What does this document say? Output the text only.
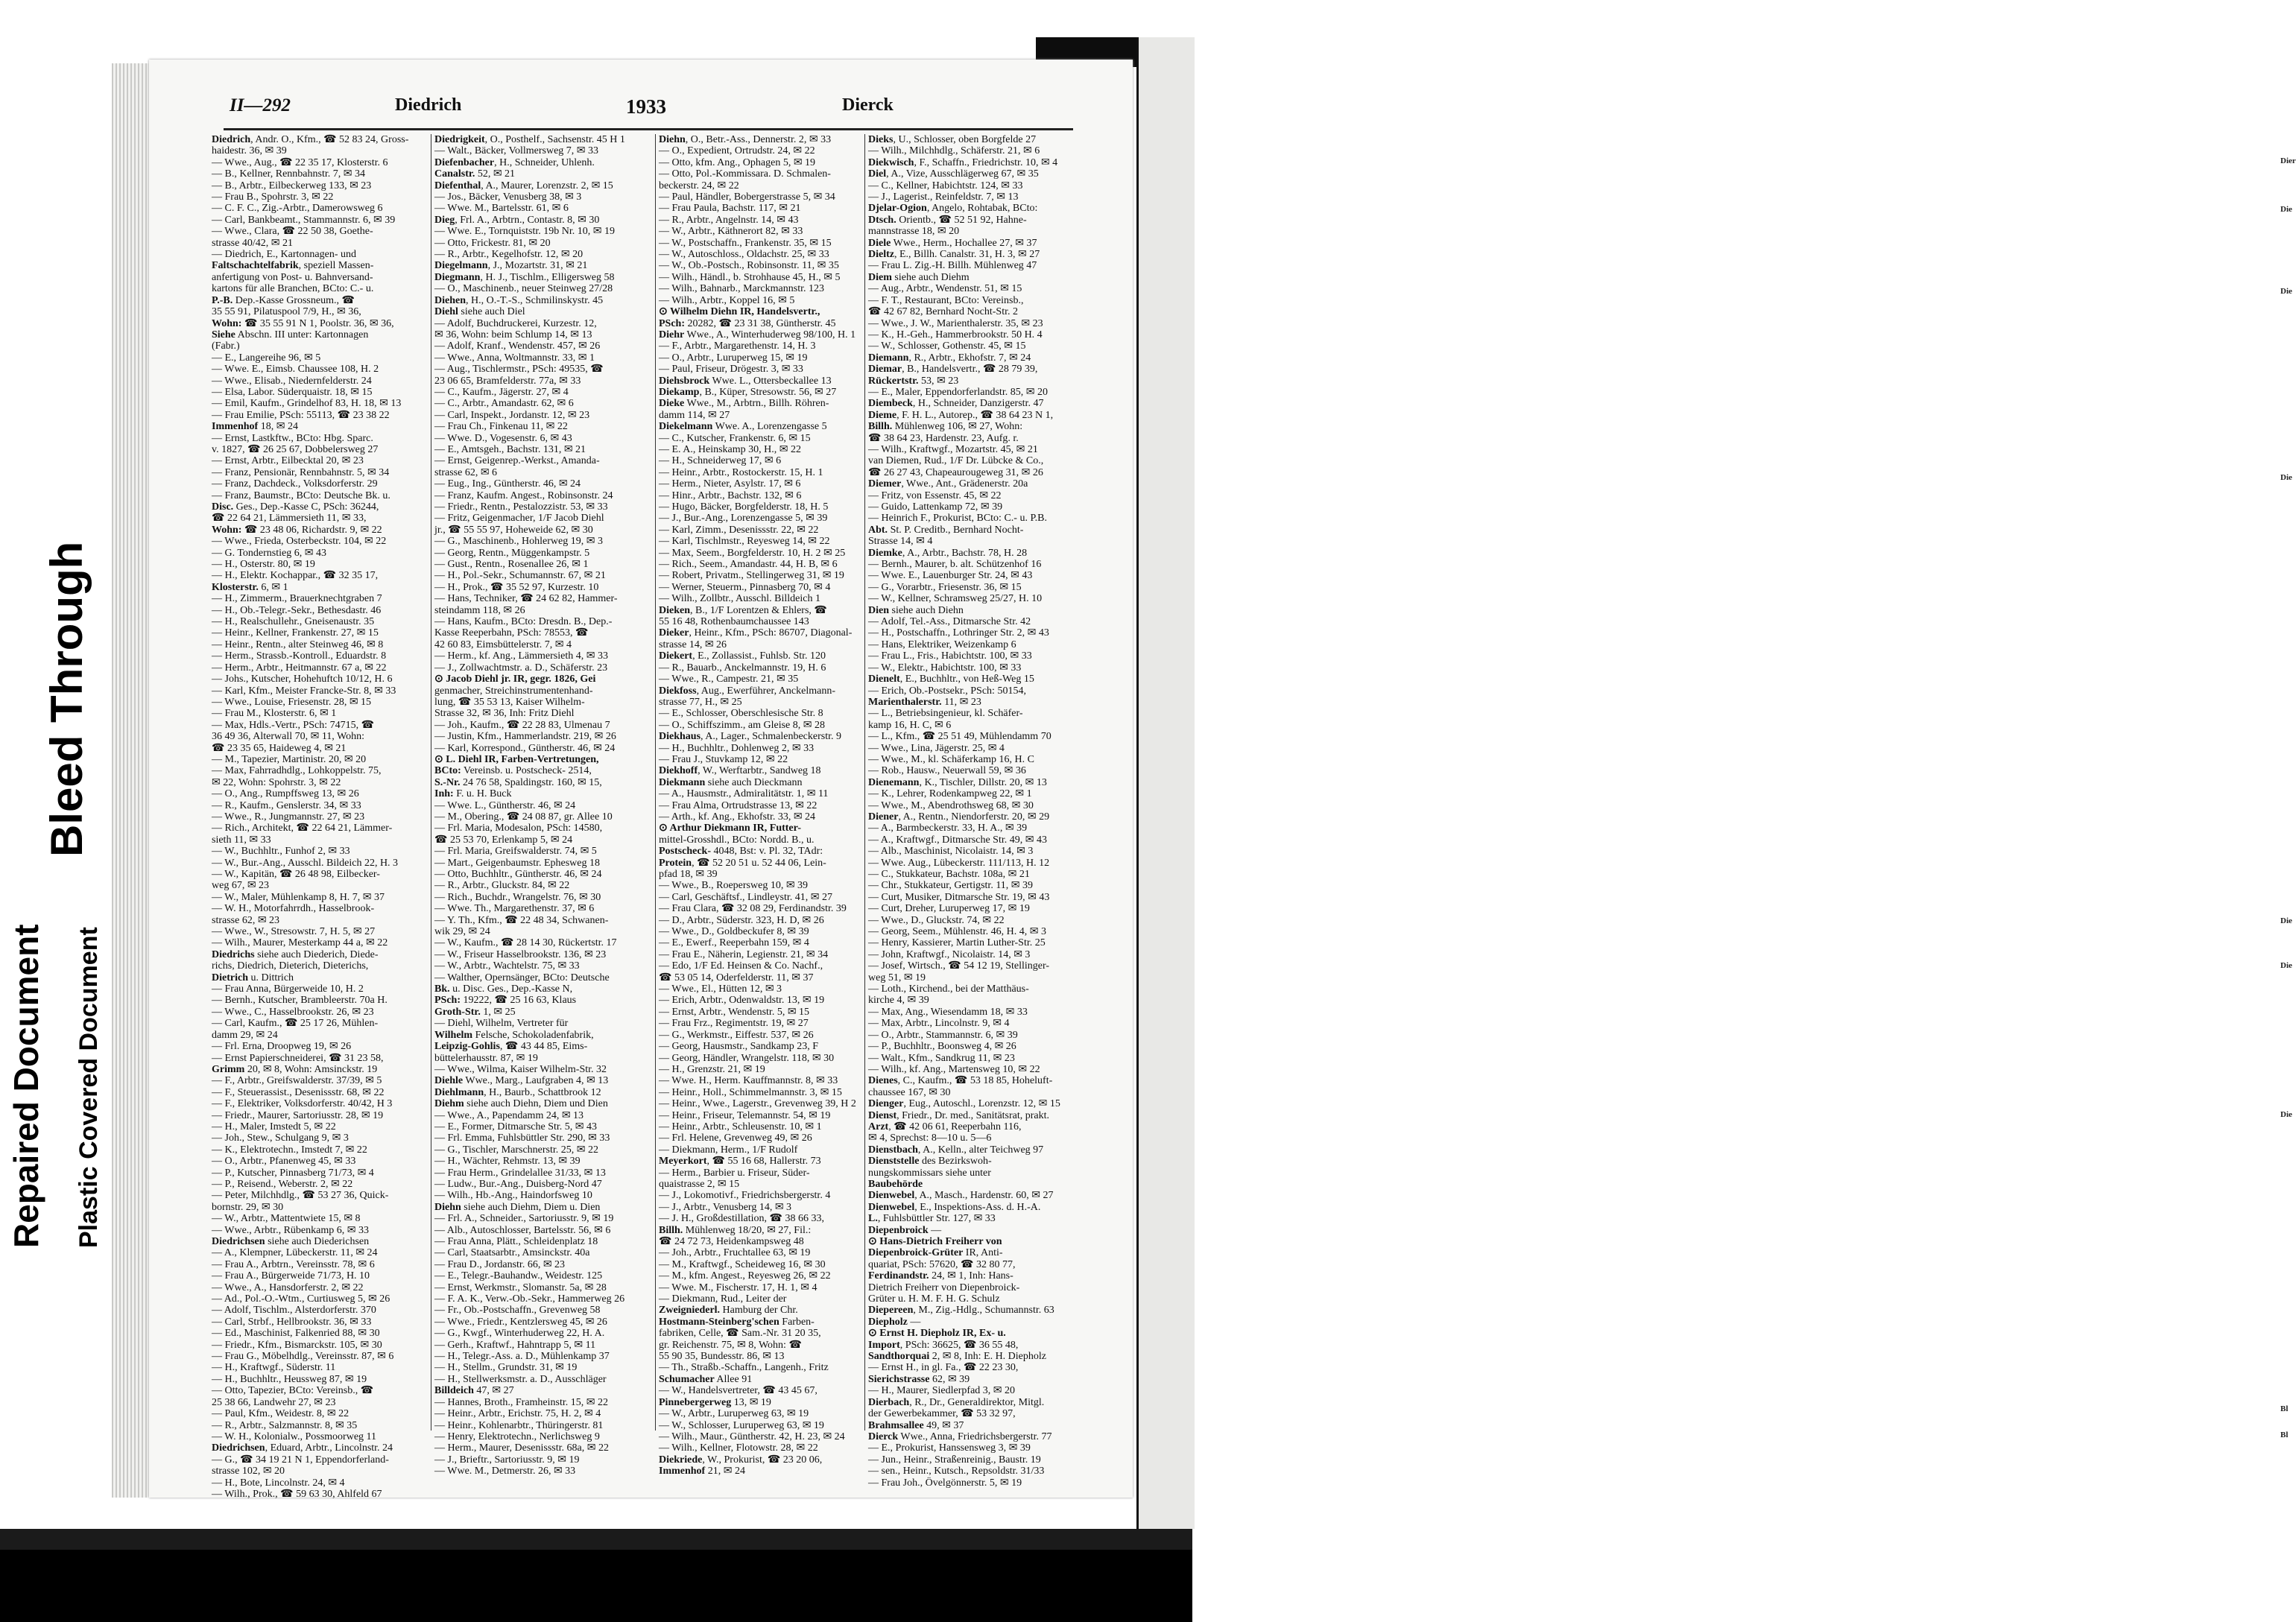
Repaired Document
Bleed Through
Plastic Covered Document
Dier
Die
Die
Die
Die
Die
Die
Bl
Bl
II—292	Diedrich	1933	Dierck
Diedrich, Andr. O., Kfm., ☎ 52 83 24, Gross-
haidestr. 36, ✉ 39
— Wwe., Aug., ☎ 22 35 17, Klosterstr. 6
— B., Kellner, Rennbahnstr. 7, ✉ 34
— B., Arbtr., Eilbeckerweg 133, ✉ 23
— Frau B., Spohrstr. 3, ✉ 22
— C. F. C., Zig.-Arbtr., Damerowsweg 6
— Carl, Bankbeamt., Stammannstr. 6, ✉ 39
— Wwe., Clara, ☎ 22 50 38, Goethe-
strasse 40/42, ✉ 21
— Diedrich, E., Kartonnagen- und
Faltschachtelfabrik, speziell Massen-
anfertigung von Post- u. Bahnversand-
kartons für alle Branchen, BCto: C.- u.
P.-B. Dep.-Kasse Grossneum., ☎
35 55 91, Pilatuspool 7/9, H., ✉ 36,
Wohn: ☎ 35 55 91 N 1, Poolstr. 36, ✉ 36,
Siehe Abschn. III unter: Kartonnagen
(Fabr.)
— E., Langereihe 96, ✉ 5
— Wwe. E., Eimsb. Chaussee 108, H. 2
— Wwe., Elisab., Niedernfelderstr. 24
— Elsa, Labor. Süderquaistr. 18, ✉ 15
— Emil, Kaufm., Grindelhof 83, H. 18, ✉ 13
— Frau Emilie, PSch: 55113, ☎ 23 38 22
Immenhof 18, ✉ 24
— Ernst, Lastkftw., BCto: Hbg. Sparc.
v. 1827, ☎ 26 25 67, Dobbelersweg 27
— Ernst, Arbtr., Eilbecktal 20, ✉ 23
— Franz, Pensionär, Rennbahnstr. 5, ✉ 34
— Franz, Dachdeck., Volksdorferstr. 29
— Franz, Baumstr., BCto: Deutsche Bk. u.
Disc. Ges., Dep.-Kasse C, PSch: 36244,
☎ 22 64 21, Lämmersieth 11, ✉ 33,
Wohn: ☎ 23 48 06, Richardstr. 9, ✉ 22
— Wwe., Frieda, Osterbeckstr. 104, ✉ 22
— G. Tondernstieg 6, ✉ 43
— H., Osterstr. 80, ✉ 19
— H., Elektr. Kochappar., ☎ 32 35 17,
Klosterstr. 6, ✉ 1
— H., Zimmerm., Brauerknechtgraben 7
— H., Ob.-Telegr.-Sekr., Bethesdastr. 46
— H., Realschullehr., Gneisenaustr. 35
— Heinr., Kellner, Frankenstr. 27, ✉ 15
— Heinr., Rentn., alter Steinweg 46, ✉ 8
— Herm., Strassb.-Kontroll., Eduardstr. 8
— Herm., Arbtr., Heitmannstr. 67 a, ✉ 22
— Johs., Kutscher, Hohehuftch 10/12, H. 6
— Karl, Kfm., Meister Francke-Str. 8, ✉ 33
— Wwe., Louise, Friesenstr. 28, ✉ 15
— Frau M., Klosterstr. 6, ✉ 1
— Max, Hdls.-Vertr., PSch: 74715, ☎
36 49 36, Alterwall 70, ✉ 11, Wohn:
☎ 23 35 65, Haideweg 4, ✉ 21
— M., Tapezier, Martinistr. 20, ✉ 20
— Max, Fahrradhdlg., Lohkoppelstr. 75,
✉ 22, Wohn: Spohrstr. 3, ✉ 22
— O., Ang., Rumpffsweg 13, ✉ 26
— R., Kaufm., Genslerstr. 34, ✉ 33
— Wwe., R., Jungmannstr. 27, ✉ 23
— Rich., Architekt, ☎ 22 64 21, Lämmer-
sieth 11, ✉ 33
— W., Buchhltr., Funhof 2, ✉ 33
— W., Bur.-Ang., Ausschl. Bildeich 22, H. 3
— W., Kapitän, ☎ 26 48 98, Eilbecker-
weg 67, ✉ 23
— W., Maler, Mühlenkamp 8, H. 7, ✉ 37
— W. H., Motorfahrrdh., Hasselbrook-
strasse 62, ✉ 23
— Wwe., W., Stresowstr. 7, H. 5, ✉ 27
— Wilh., Maurer, Mesterkamp 44 a, ✉ 22
Diedrichs siehe auch Diederich, Diede-
richs, Diedrich, Dieterich, Dieterichs,
Dietrich u. Dittrich
— Frau Anna, Bürgerweide 10, H. 2
— Bernh., Kutscher, Brambleerstr. 70a H.
— Wwe., C., Hasselbrookstr. 26, ✉ 23
— Carl, Kaufm., ☎ 25 17 26, Mühlen-
damm 29, ✉ 24
— Frl. Erna, Droopweg 19, ✉ 26
— Ernst Papierschneiderei, ☎ 31 23 58,
Grimm 20, ✉ 8, Wohn: Amsinckstr. 19
— F., Arbtr., Greifswalderstr. 37/39, ✉ 5
— F., Steuerassist., Desenissstr. 68, ✉ 22
— F., Elektriker, Volksdorferstr. 40/42, H 3
— Friedr., Maurer, Sartoriusstr. 28, ✉ 19
— H., Maler, Imstedt 5, ✉ 22
— Joh., Stew., Schulgang 9, ✉ 3
— K., Elektrotechn., Imstedt 7, ✉ 22
— O., Arbtr., Pfanenweg 45, ✉ 33
— P., Kutscher, Pinnasberg 71/73, ✉ 4
— P., Reisend., Weberstr. 2, ✉ 22
— Peter, Milchhdlg., ☎ 53 27 36, Quick-
bornstr. 29, ✉ 30
— W., Arbtr., Mattentwiete 15, ✉ 8
— Wwe., Arbtr., Rübenkamp 6, ✉ 33
Diedrichsen siehe auch Diederichsen
— A., Klempner, Lübeckerstr. 11, ✉ 24
— Frau A., Arbtrn., Vereinsstr. 78, ✉ 6
— Frau A., Bürgerweide 71/73, H. 10
— Wwe., A., Hansdorferstr. 2, ✉ 22
— Ad., Pol.-O.-Wtm., Curtiusweg 5, ✉ 26
— Adolf, Tischlm., Alsterdorferstr. 370
— Carl, Strbf., Hellbrookstr. 36, ✉ 33
— Ed., Maschinist, Falkenried 88, ✉ 30
— Friedr., Kfm., Bismarckstr. 105, ✉ 30
— Frau G., Möbelhdlg., Vereinsstr. 87, ✉ 6
— H., Kraftwgf., Süderstr. 11
— H., Buchhltr., Heussweg 87, ✉ 19
— Otto, Tapezier, BCto: Vereinsb., ☎
25 38 66, Landwehr 27, ✉ 23
— Paul, Kfm., Weidestr. 8, ✉ 22
— R., Arbtr., Salzmannstr. 8, ✉ 35
— W. H., Kolonialw., Possmoorweg 11
Diedrichsen, Eduard, Arbtr., Lincolnstr. 24
— G., ☎ 34 19 21 N 1, Eppendorferland-
strasse 102, ✉ 20
— H., Bote, Lincolnstr. 24, ✉ 4
— Wilh., Prok., ☎ 59 63 30, Ahlfeld 67
Diedrigkeit, O., Posthelf., Sachsenstr. 45 H 1
— Walt., Bäcker, Vollmersweg 7, ✉ 33
Diefenbacher, H., Schneider, Uhlenh.
Canalstr. 52, ✉ 21
Diefenthal, A., Maurer, Lorenzstr. 2, ✉ 15
— Jos., Bäcker, Venusberg 38, ✉ 3
— Wwe. M., Bartelsstr. 61, ✉ 6
Dieg, Frl. A., Arbtrn., Contastr. 8, ✉ 30
— Wwe. E., Tornquiststr. 19b Nr. 10, ✉ 19
— Otto, Frickestr. 81, ✉ 20
— R., Arbtr., Kegelhofstr. 12, ✉ 20
Diegelmann, J., Mozartstr. 31, ✉ 21
Diegmann, H. J., Tischlm., Elligersweg 58
— O., Maschinenb., neuer Steinweg 27/28
Diehen, H., O.-T.-S., Schmilinskystr. 45
Diehl siehe auch Diel
— Adolf, Buchdruckerei, Kurzestr. 12,
✉ 36, Wohn: beim Schlump 14, ✉ 13
— Adolf, Kranf., Wendenstr. 457, ✉ 26
— Wwe., Anna, Woltmannstr. 33, ✉ 1
— Aug., Tischlermstr., PSch: 49535, ☎
23 06 65, Bramfelderstr. 77a, ✉ 33
— C., Kaufm., Jägerstr. 27, ✉ 4
— C., Arbtr., Amandastr. 62, ✉ 6
— Carl, Inspekt., Jordanstr. 12, ✉ 23
— Frau Ch., Finkenau 11, ✉ 22
— Wwe. D., Vogesenstr. 6, ✉ 43
— E., Amtsgeh., Bachstr. 131, ✉ 21
— Ernst, Geigenrep.-Werkst., Amanda-
strasse 62, ✉ 6
— Eug., Ing., Güntherstr. 46, ✉ 24
— Franz, Kaufm. Angest., Robinsonstr. 24
— Friedr., Rentn., Pestalozzistr. 53, ✉ 33
— Fritz, Geigenmacher, 1/F Jacob Diehl
jr., ☎ 55 55 97, Hoheweide 62, ✉ 30
— G., Maschinenb., Hohlerweg 19, ✉ 3
— Georg, Rentn., Müggenkampstr. 5
— Gust., Rentn., Rosenallee 26, ✉ 1
— H., Pol.-Sekr., Schumannstr. 67, ✉ 21
— H., Prok., ☎ 35 52 97, Kurzestr. 10
— Hans, Techniker, ☎ 24 62 82, Hammer-
steindamm 118, ✉ 26
— Hans, Kaufm., BCto: Dresdn. B., Dep.-
Kasse Reeperbahn, PSch: 78553, ☎
42 60 83, Eimsbüttelerstr. 7, ✉ 4
— Herm., kf. Ang., Lämmersieth 4, ✉ 33
— J., Zollwachtmstr. a. D., Schäferstr. 23
⊙ Jacob Diehl jr. IR, gegr. 1826, Gei
genmacher, Streichinstrumentenhand-
lung, ☎ 35 53 13, Kaiser Wilhelm-
Strasse 32, ✉ 36, Inh: Fritz Diehl
— Joh., Kaufm., ☎ 22 28 83, Ulmenau 7
— Justin, Kfm., Hammerlandstr. 219, ✉ 26
— Karl, Korrespond., Güntherstr. 46, ✉ 24
⊙ L. Diehl IR, Farben-Vertretungen,
BCto: Vereinsb. u. Postscheck- 2514,
S.-Nr. 24 76 58, Spaldingstr. 160, ✉ 15,
Inh: F. u. H. Buck
— Wwe. L., Güntherstr. 46, ✉ 24
— M., Obering., ☎ 24 08 87, gr. Allee 10
— Frl. Maria, Modesalon, PSch: 14580,
☎ 25 53 70, Erlenkamp 5, ✉ 24
— Frl. Maria, Greifswalderstr. 74, ✉ 5
— Mart., Geigenbaumstr. Ephesweg 18
— Otto, Buchhltr., Güntherstr. 46, ✉ 24
— R., Arbtr., Gluckstr. 84, ✉ 22
— Rich., Buchdr., Wrangelstr. 76, ✉ 30
— Wwe. Th., Margarethenstr. 37, ✉ 6
— Y. Th., Kfm., ☎ 22 48 34, Schwanen-
wik 29, ✉ 24
— W., Kaufm., ☎ 28 14 30, Rückertstr. 17
— W., Friseur Hasselbrookstr. 136, ✉ 23
— W., Arbtr., Wachtelstr. 75, ✉ 33
— Walther, Opernsänger, BCto: Deutsche
Bk. u. Disc. Ges., Dep.-Kasse N,
PSch: 19222, ☎ 25 16 63, Klaus
Groth-Str. 1, ✉ 25
— Diehl, Wilhelm, Vertreter für
Wilhelm Felsche, Schokoladenfabrik,
Leipzig-Gohlis, ☎ 43 44 85, Eims-
büttelerhausstr. 87, ✉ 19
— Wwe., Wilma, Kaiser Wilhelm-Str. 32
Diehle Wwe., Marg., Laufgraben 4, ✉ 13
Diehlmann, H., Baurb., Schattbrook 12
Diehm siehe auch Diehn, Diem und Dien
— Wwe., A., Papendamm 24, ✉ 13
— E., Former, Ditmarsche Str. 5, ✉ 43
— Frl. Emma, Fuhlsbüttler Str. 290, ✉ 33
— G., Tischler, Marschnerstr. 25, ✉ 22
— H., Wächter, Rehmstr. 13, ✉ 39
— Frau Herm., Grindelallee 31/33, ✉ 13
— Ludw., Bur.-Ang., Duisberg-Nord 47
— Wilh., Hb.-Ang., Haindorfsweg 10
Diehn siehe auch Diehm, Diem u. Dien
— Frl. A., Schneider., Sartoriusstr. 9, ✉ 19
— Alb., Autoschlosser, Bartelsstr. 56, ✉ 6
— Frau Anna, Plätt., Schleidenplatz 18
— Carl, Staatsarbtr., Amsinckstr. 40a
— Frau D., Jordanstr. 66, ✉ 23
— E., Telegr.-Bauhandw., Weidestr. 125
— Ernst, Werkmstr., Slomanstr. 5a, ✉ 28
— F. A. K., Verw.-Ob.-Sekr., Hammerweg 26
— Fr., Ob.-Postschaffn., Grevenweg 58
— Wwe., Friedr., Kentzlersweg 45, ✉ 26
— G., Kwgf., Winterhuderweg 22, H. A.
— Gerh., Kraftwf., Hahntrapp 5, ✉ 11
— H., Telegr.-Ass. a. D., Mühlenkamp 37
— H., Stellm., Grundstr. 31, ✉ 19
— H., Stellwerksmstr. a. D., Ausschläger
Billdeich 47, ✉ 27
— Hannes, Broth., Framheinstr. 15, ✉ 22
— Heinr., Arbtr., Erichstr. 75, H. 2, ✉ 4
— Heinr., Kohlenarbtr., Thüringerstr. 81
— Henry, Elektrotechn., Nerlichsweg 9
— Herm., Maurer, Desenissstr. 68a, ✉ 22
— J., Brieftr., Sartoriusstr. 9, ✉ 19
— Wwe. M., Detmerstr. 26, ✉ 33
Diehn, O., Betr.-Ass., Dennerstr. 2, ✉ 33
— O., Expedient, Ortrudstr. 24, ✉ 22
— Otto, kfm. Ang., Ophagen 5, ✉ 19
— Otto, Pol.-Kommissara. D. Schmalen-
beckerstr. 24, ✉ 22
— Paul, Händler, Bobergerstrasse 5, ✉ 34
— Frau Paula, Bachstr. 117, ✉ 21
— R., Arbtr., Angelnstr. 14, ✉ 43
— W., Arbtr., Käthnerort 82, ✉ 33
— W., Postschaffn., Frankenstr. 35, ✉ 15
— W., Autoschloss., Oldachstr. 25, ✉ 33
— W., Ob.-Postsch., Robinsonstr. 11, ✉ 35
— Wilh., Händl., b. Strohhause 45, H., ✉ 5
— Wilh., Bahnarb., Marckmannstr. 123
— Wilh., Arbtr., Koppel 16, ✉ 5
⊙ Wilhelm Diehn IR, Handelsvertr.,
PSch: 20282, ☎ 23 31 38, Güntherstr. 45
Diehr Wwe., A., Winterhuderweg 98/100, H. 1
— F., Arbtr., Margarethenstr. 14, H. 3
— O., Arbtr., Luruperweg 15, ✉ 19
— Paul, Friseur, Drögestr. 3, ✉ 33
Diehsbrock Wwe. L., Ottersbeckallee 13
Diekamp, B., Küper, Stresowstr. 56, ✉ 27
Dieke Wwe., M., Arbtrn., Billh. Röhren-
damm 114, ✉ 27
Diekelmann Wwe. A., Lorenzengasse 5
— C., Kutscher, Frankenstr. 6, ✉ 15
— E. A., Heinskamp 30, H., ✉ 22
— H., Schneiderweg 17, ✉ 6
— Heinr., Arbtr., Rostockerstr. 15, H. 1
— Herm., Nieter, Asylstr. 17, ✉ 6
— Hinr., Arbtr., Bachstr. 132, ✉ 6
— Hugo, Bäcker, Borgfelderstr. 18, H. 5
— J., Bur.-Ang., Lorenzengasse 5, ✉ 39
— Karl, Zimm., Desenissstr. 22, ✉ 22
— Karl, Tischlmstr., Reyesweg 14, ✉ 22
— Max, Seem., Borgfelderstr. 10, H. 2 ✉ 25
— Rich., Seem., Amandastr. 44, H. B, ✉ 6
— Robert, Privatm., Stellingerweg 31, ✉ 19
— Werner, Steuerm., Pinnasberg 70, ✉ 4
— Wilh., Zollbtr., Ausschl. Billdeich 1
Dieken, B., 1/F Lorentzen & Ehlers, ☎
55 16 48, Rothenbaumchaussee 143
Dieker, Heinr., Kfm., PSch: 86707, Diagonal-
strasse 14, ✉ 26
Diekert, E., Zollassist., Fuhlsb. Str. 120
— R., Bauarb., Anckelmannstr. 19, H. 6
— Wwe., R., Campestr. 21, ✉ 35
Diekfoss, Aug., Ewerführer, Anckelmann-
strasse 77, H., ✉ 25
— E., Schlosser, Oberschlesische Str. 8
— O., Schiffszimm., am Gleise 8, ✉ 28
Diekhaus, A., Lager., Schmalenbeckerstr. 9
— H., Buchhltr., Dohlenweg 2, ✉ 33
— Frau J., Stuvkamp 12, ✉ 22
Diekhoff, W., Werftarbtr., Sandweg 18
Diekmann siehe auch Dieckmann
— A., Hausmstr., Admiralitätstr. 1, ✉ 11
— Frau Alma, Ortrudstrasse 13, ✉ 22
— Arth., kf. Ang., Ekhofstr. 33, ✉ 24
⊙ Arthur Diekmann IR, Futter-
mittel-Grosshdl., BCto: Nordd. B., u.
Postscheck- 4048, Bst: v. Pl. 32, TAdr:
Protein, ☎ 52 20 51 u. 52 44 06, Lein-
pfad 18, ✉ 39
— Wwe., B., Roepersweg 10, ✉ 39
— Carl, Geschäftsf., Lindleystr. 41, ✉ 27
— Frau Clara, ☎ 32 08 29, Ferdinandstr. 39
— D., Arbtr., Süderstr. 323, H. D, ✉ 26
— Wwe., D., Goldbeckufer 8, ✉ 39
— E., Ewerf., Reeperbahn 159, ✉ 4
— Frau E., Näherin, Legienstr. 21, ✉ 34
— Edo, 1/F Ed. Heinsen & Co. Nachf.,
☎ 53 05 14, Oderfelderstr. 11, ✉ 37
— Wwe., El., Hütten 12, ✉ 3
— Erich, Arbtr., Odenwaldstr. 13, ✉ 19
— Ernst, Arbtr., Wendenstr. 5, ✉ 15
— Frau Frz., Regimentstr. 19, ✉ 27
— G., Werkmstr., Eiffestr. 537, ✉ 26
— Georg, Hausmstr., Sandkamp 23, F
— Georg, Händler, Wrangelstr. 118, ✉ 30
— H., Grenzstr. 21, ✉ 19
— Wwe. H., Herm. Kauffmannstr. 8, ✉ 33
— Heinr., Holl., Schimmelmannstr. 3, ✉ 15
— Heinr., Wwe., Lagerstr., Grevenweg 39, H 2
— Heinr., Friseur, Telemannstr. 54, ✉ 19
— Heinr., Arbtr., Schleusenstr. 10, ✉ 1
— Frl. Helene, Grevenweg 49, ✉ 26
— Diekmann, Herm., 1/F Rudolf
Meyerkort, ☎ 55 16 68, Hallerstr. 73
— Herm., Barbier u. Friseur, Süder-
quaistrasse 2, ✉ 15
— J., Lokomotivf., Friedrichsbergerstr. 4
— J., Arbtr., Venusberg 14, ✉ 3
— J. H., Großdestillation, ☎ 38 66 33,
Billh. Mühlenweg 18/20, ✉ 27, Fil.:
☎ 24 72 73, Heidenkampsweg 48
— Joh., Arbtr., Fruchtallee 63, ✉ 19
— M., Kraftwgf., Scheideweg 16, ✉ 30
— M., kfm. Angest., Reyesweg 26, ✉ 22
— Wwe. M., Fischerstr. 17, H. 1, ✉ 4
— Diekmann, Rud., Leiter der
Zweigniederl. Hamburg der Chr.
Hostmann-Steinberg'schen Farben-
fabriken, Celle, ☎ Sam.-Nr. 31 20 35,
gr. Reichenstr. 75, ✉ 8, Wohn: ☎
55 90 35, Bundesstr. 86, ✉ 13
— Th., Straßb.-Schaffn., Langenh., Fritz
Schumacher Allee 91
— W., Handelsvertreter, ☎ 43 45 67,
Pinnebergerweg 13, ✉ 19
— W., Arbtr., Luruperweg 63, ✉ 19
— W., Schlosser, Luruperweg 63, ✉ 19
— Wilh., Maur., Güntherstr. 42, H. 23, ✉ 24
— Wilh., Kellner, Flotowstr. 28, ✉ 22
Diekriede, W., Prokurist, ☎ 23 20 06,
Immenhof 21, ✉ 24
Dieks, U., Schlosser, oben Borgfelde 27
— Wilh., Milchhdlg., Schäferstr. 21, ✉ 6
Diekwisch, F., Schaffn., Friedrichstr. 10, ✉ 4
Diel, A., Vize, Ausschlägerweg 67, ✉ 35
— C., Kellner, Habichtstr. 124, ✉ 33
— J., Lagerist., Reinfeldstr. 7, ✉ 13
Djelar-Ogion, Angelo, Rohtabak, BCto:
Dtsch. Orientb., ☎ 52 51 92, Hahne-
mannstrasse 18, ✉ 20
Diele Wwe., Herm., Hochallee 27, ✉ 37
Dieltz, E., Billh. Canalstr. 31, H. 3, ✉ 27
— Frau L. Zig.-H. Billh. Mühlenweg 47
Diem siehe auch Diehm
— Aug., Arbtr., Wendenstr. 51, ✉ 15
— F. T., Restaurant, BCto: Vereinsb.,
☎ 42 67 82, Bernhard Nocht-Str. 2
— Wwe., J. W., Marienthalerstr. 35, ✉ 23
— K., H.-Geh., Hammerbrookstr. 50 H. 4
— W., Schlosser, Gothenstr. 45, ✉ 15
Diemann, R., Arbtr., Ekhofstr. 7, ✉ 24
Diemar, B., Handelsvertr., ☎ 28 79 39,
Rückertstr. 53, ✉ 23
— E., Maler, Eppendorferlandstr. 85, ✉ 20
Diembeck, H., Schneider, Danzigerstr. 47
Dieme, F. H. L., Autorep., ☎ 38 64 23 N 1,
Billh. Mühlenweg 106, ✉ 27, Wohn:
☎ 38 64 23, Hardenstr. 23, Aufg. r.
— Wilh., Kraftwgf., Mozartstr. 45, ✉ 21
van Diemen, Rud., 1/F Dr. Lübcke & Co.,
☎ 26 27 43, Chapeaurougeweg 31, ✉ 26
Diemer, Wwe., Ant., Grädenerstr. 20a
— Fritz, von Essenstr. 45, ✉ 22
— Guido, Lattenkamp 72, ✉ 39
— Heinrich F., Prokurist, BCto: C.- u. P.B.
Abt. St. P. Creditb., Bernhard Nocht-
Strasse 14, ✉ 4
Diemke, A., Arbtr., Bachstr. 78, H. 28
— Bernh., Maurer, b. alt. Schützenhof 16
— Wwe. E., Lauenburger Str. 24, ✉ 43
— G., Vorarbtr., Friesenstr. 36, ✉ 15
— W., Kellner, Schramsweg 25/27, H. 10
Dien siehe auch Diehn
— Adolf, Tel.-Ass., Ditmarsche Str. 42
— H., Postschaffn., Lothringer Str. 2, ✉ 43
— Hans, Elektriker, Weizenkamp 6
— Frau L., Fris., Habichtstr. 100, ✉ 33
— W., Elektr., Habichtstr. 100, ✉ 33
Dienelt, E., Buchhltr., von Heß-Weg 15
— Erich, Ob.-Postsekr., PSch: 50154,
Marienthalerstr. 11, ✉ 23
— L., Betriebsingenieur, kl. Schäfer-
kamp 16, H. C, ✉ 6
— L., Kfm., ☎ 25 51 49, Mühlendamm 70
— Wwe., Lina, Jägerstr. 25, ✉ 4
— Wwe., M., kl. Schäferkamp 16, H. C
— Rob., Hausw., Neuerwall 59, ✉ 36
Dienemann, K., Tischler, Dillstr. 20, ✉ 13
— K., Lehrer, Rodenkampweg 22, ✉ 1
— Wwe., M., Abendrothsweg 68, ✉ 30
Diener, A., Rentn., Niendorferstr. 20, ✉ 29
— A., Barmbeckerstr. 33, H. A., ✉ 39
— A., Kraftwgf., Ditmarsche Str. 49, ✉ 43
— Alb., Maschinist, Nicolaistr. 14, ✉ 3
— Wwe. Aug., Lübeckerstr. 111/113, H. 12
— C., Stukkateur, Bachstr. 108a, ✉ 21
— Chr., Stukkateur, Gertigstr. 11, ✉ 39
— Curt, Musiker, Ditmarsche Str. 19, ✉ 43
— Curt, Dreher, Luruperweg 17, ✉ 19
— Wwe., D., Gluckstr. 74, ✉ 22
— Georg, Seem., Mühlenstr. 46, H. 4, ✉ 3
— Henry, Kassierer, Martin Luther-Str. 25
— John, Kraftwgf., Nicolaistr. 14, ✉ 3
— Josef, Wirtsch., ☎ 54 12 19, Stellinger-
weg 51, ✉ 19
— Loth., Kirchend., bei der Matthäus-
kirche 4, ✉ 39
— Max, Ang., Wiesendamm 18, ✉ 33
— Max, Arbtr., Lincolnstr. 9, ✉ 4
— O., Arbtr., Stammannstr. 6, ✉ 39
— P., Buchhltr., Boonsweg 4, ✉ 26
— Walt., Kfm., Sandkrug 11, ✉ 23
— Wilh., kf. Ang., Martensweg 10, ✉ 22
Dienes, C., Kaufm., ☎ 53 18 85, Hoheluft-
chaussee 167, ✉ 30
Dienger, Eug., Autoschl., Lorenzstr. 12, ✉ 15
Dienst, Friedr., Dr. med., Sanitätsrat, prakt.
Arzt, ☎ 42 06 61, Reeperbahn 116,
✉ 4, Sprechst: 8—10 u. 5—6
Dienstbach, A., Kelln., alter Teichweg 97
Dienststelle des Bezirkswoh-
nungskommissars siehe unter
Baubehörde
Dienwebel, A., Masch., Hardenstr. 60, ✉ 27
Dienwebel, E., Inspektions-Ass. d. H.-A.
L., Fuhlsbüttler Str. 127, ✉ 33
Diepenbroick —
⊙ Hans-Dietrich Freiherr von
Diepenbroick-Grüter IR, Anti-
quariat, PSch: 57620, ☎ 32 80 77,
Ferdinandstr. 24, ✉ 1, Inh: Hans-
Dietrich Freiherr von Diepenbroick-
Grüter u. H. M. F. H. G. Schulz
Diepereen, M., Zig.-Hdlg., Schumannstr. 63
Diepholz —
⊙ Ernst H. Diepholz IR, Ex- u.
Import, PSch: 36625, ☎ 36 55 48,
Sandthorquai 2, ✉ 8, Inh: E. H. Diepholz
— Ernst H., in gl. Fa., ☎ 22 23 30,
Sierichstrasse 62, ✉ 39
— H., Maurer, Siedlerpfad 3, ✉ 20
Dierbach, R., Dr., Generaldirektor, Mitgl.
der Gewerbekammer, ☎ 53 32 97,
Brahmsallee 49, ✉ 37
Dierck Wwe., Anna, Friedrichsbergerstr. 77
— E., Prokurist, Hanssensweg 3, ✉ 39
— Jun., Heinr., Straßenreinig., Baustr. 19
— sen., Heinr., Kutsch., Repsoldstr. 31/33
— Frau Joh., Övelgönnerstr. 5, ✉ 19
